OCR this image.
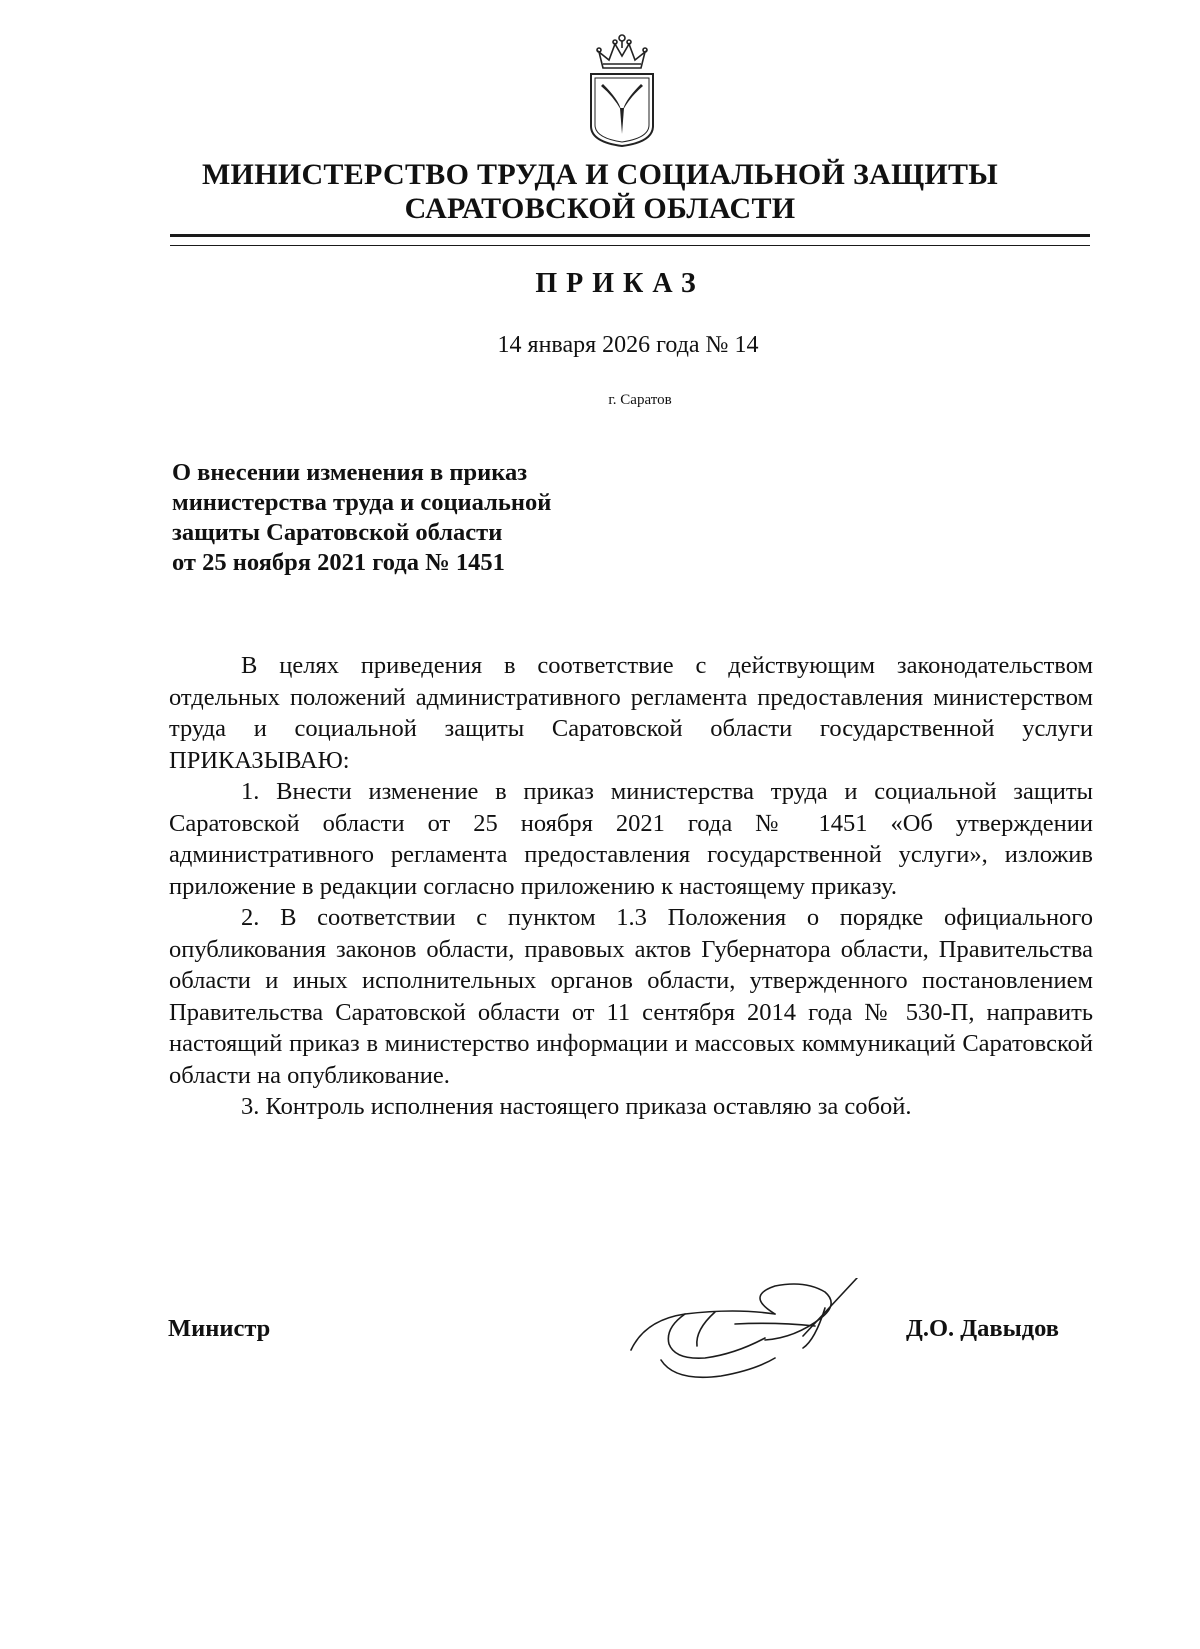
МИНИСТЕРСТВО ТРУДА И СОЦИАЛЬНОЙ ЗАЩИТЫ
САРАТОВСКОЙ ОБЛАСТИ
ПРИКАЗ
14 января 2026 года № 14
г. Саратов
О внесении изменения в приказ
министерства труда и социальной
защиты Саратовской области
от 25 ноября 2021 года № 1451

В целях приведения в соответствие с действующим законодательством отдельных положений административного регламента предоставления министерством труда и социальной защиты Саратовской области государственной услуги ПРИКАЗЫВАЮ:

1. Внести изменение в приказ министерства труда и социальной защиты Саратовской области от 25 ноября 2021 года № 1451 «Об утверждении административного регламента предоставления государственной услуги», изложив приложение в редакции согласно приложению к настоящему приказу.

2. В соответствии с пунктом 1.3 Положения о порядке официального опубликования законов области, правовых актов Губернатора области, Правительства области и иных исполнительных органов области, утвержденного постановлением Правительства Саратовской области от 11 сентября 2014 года № 530-П, направить настоящий приказ в министерство информации и массовых коммуникаций Саратовской области на опубликование.

3. Контроль исполнения настоящего приказа оставляю за собой.

Министр	Д.О. Давыдов
